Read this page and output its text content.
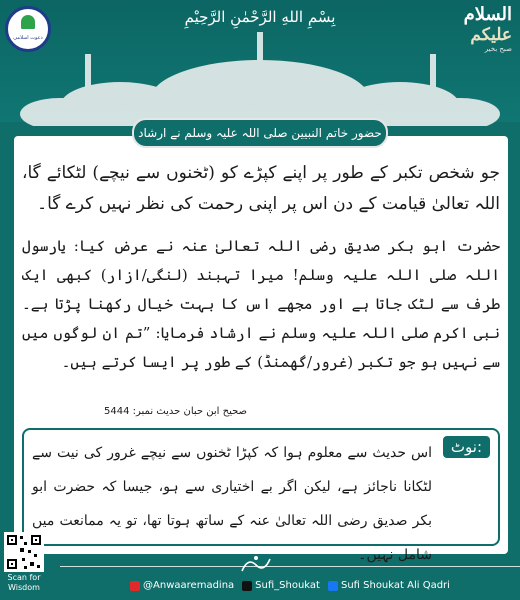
بِسْمِ اللهِ الرَّحْمٰنِ الرَّحِيْمِ
دعوت اسلامی
السلام
عليكم
صبح بخیر
حضور خاتم النبیین صلی اللہ علیہ وسلم نے ارشاد فرمایا
جو شخص تکبر کے طور پر اپنے کپڑے کو (ٹخنوں سے نیچے) لٹکائے گا، اللہ تعالیٰ قیامت کے دن اس پر اپنی رحمت کی نظر نہیں کرے گا۔
حضرت ابو بکر صدیق رضی اللہ تعالیٰ عنہ نے عرض کیا: یارسول اللہ صلی اللہ علیہ وسلم! میرا تہبند (لنگی/ازار) کبھی ایک طرف سے لٹک جاتا ہے اور مجھے اس کا بہت خیال رکھنا پڑتا ہے۔ نبی اکرم صلی اللہ علیہ وسلم نے ارشاد فرمایا: ”تم ان لوگوں میں سے نہیں ہو جو تکبر (غرور/گھمنڈ) کے طور پر ایسا کرتے ہیں۔
صحیح ابن حبان حدیث نمبر: 5444
نوٹ:
اس حدیث سے معلوم ہوا کہ کپڑا ٹخنوں سے نیچے غرور کی نیت سے لٹکانا ناجائز ہے، لیکن اگر بے اختیاری سے ہو، جیسا کہ حضرت ابو بکر صدیق رضی اللہ تعالیٰ عنہ کے ساتھ ہوتا تھا، تو یہ ممانعت میں شامل نہیں۔
Scan for Wisdom	@Anwaaremadina Sufi_Shoukat Sufi Shoukat Ali Qadri
